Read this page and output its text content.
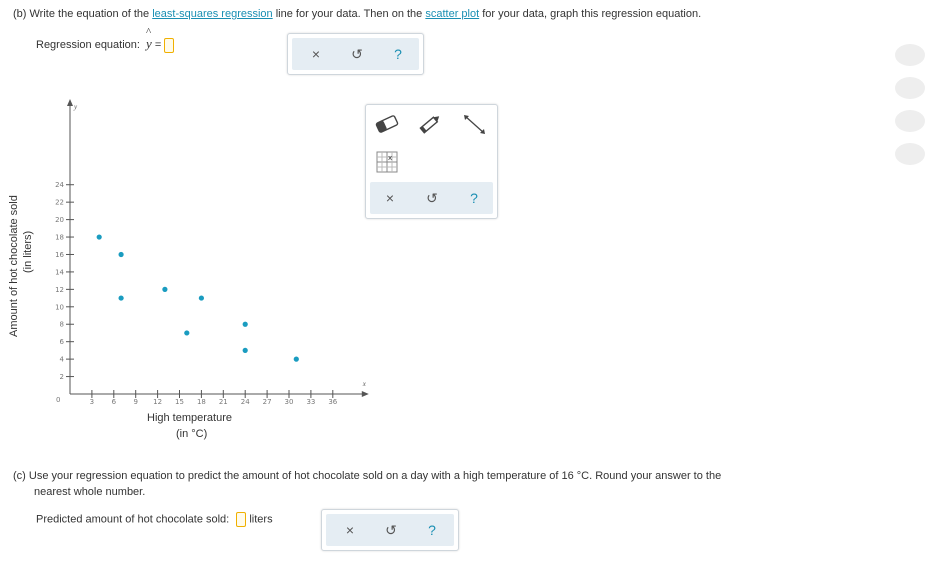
(b) Write the equation of the least-squares regression line for your data. Then on the scatter plot for your data, graph this regression equation.
Regression equation:
^
y =
× ↺ ?
Amount of hot chocolate sold (in liters)
x
y
0	3 6 9 12 15 18 21 24 27 30 33 36
2
4
6
8
10
12
14
16
18
20
22
24
High temperature
(in °C)
x
× ↺ ?
(c) Use your regression equation to predict the amount of hot chocolate sold on a day with a high temperature of 16 °C. Round your answer to the
nearest whole number.
Predicted amount of hot chocolate sold: liters
× ↺ ?
